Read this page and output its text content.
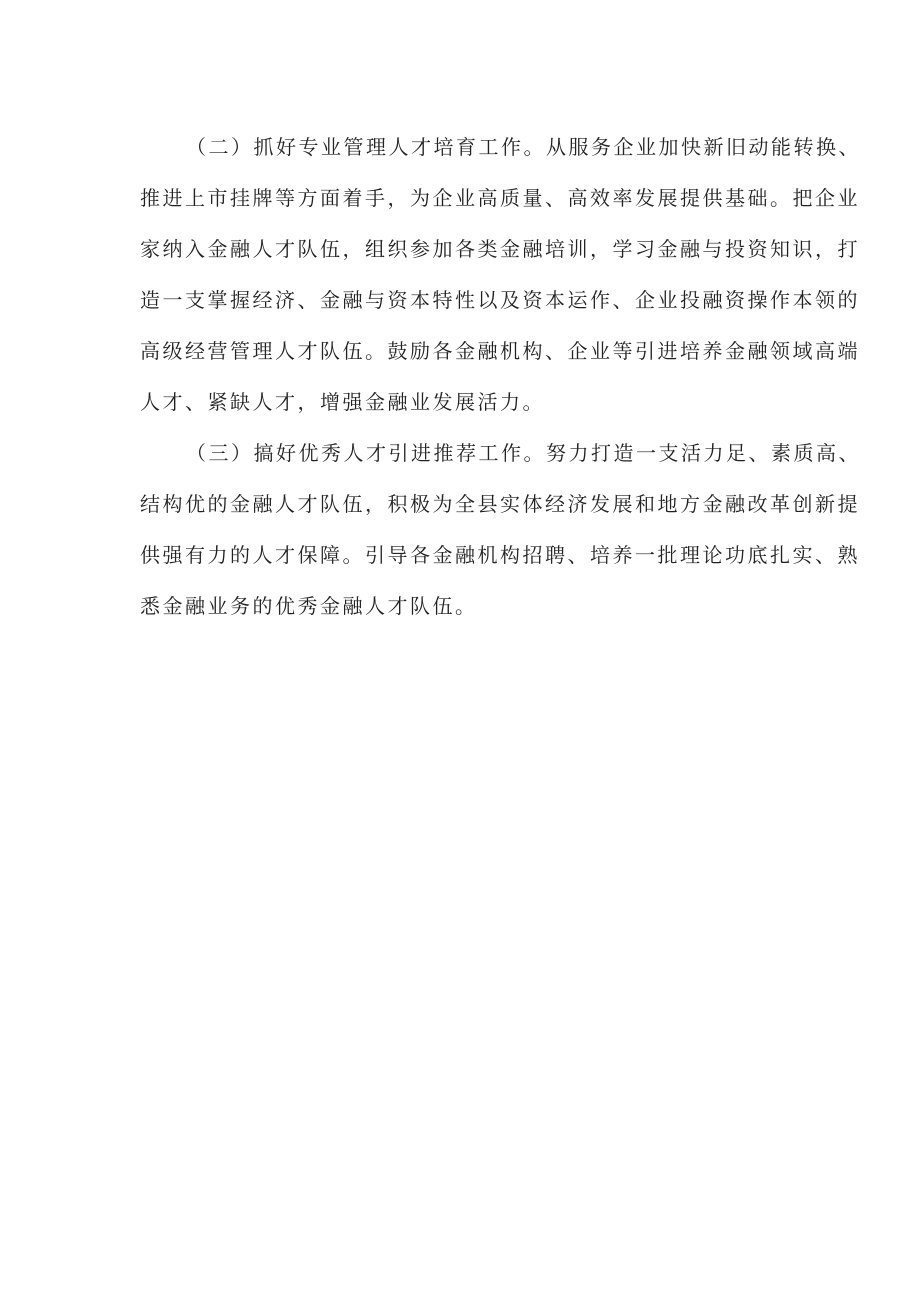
（二）抓好专业管理人才培育工作。从服务企业加快新旧动能转换、
推进上市挂牌等方面着手，为企业高质量、高效率发展提供基础。把企业
家纳入金融人才队伍，组织参加各类金融培训，学习金融与投资知识，打
造一支掌握经济、金融与资本特性以及资本运作、企业投融资操作本领的
高级经营管理人才队伍。鼓励各金融机构、企业等引进培养金融领域高端
人才、紧缺人才，增强金融业发展活力。
（三）搞好优秀人才引进推荐工作。努力打造一支活力足、素质高、
结构优的金融人才队伍，积极为全县实体经济发展和地方金融改革创新提
供强有力的人才保障。引导各金融机构招聘、培养一批理论功底扎实、熟
悉金融业务的优秀金融人才队伍。
